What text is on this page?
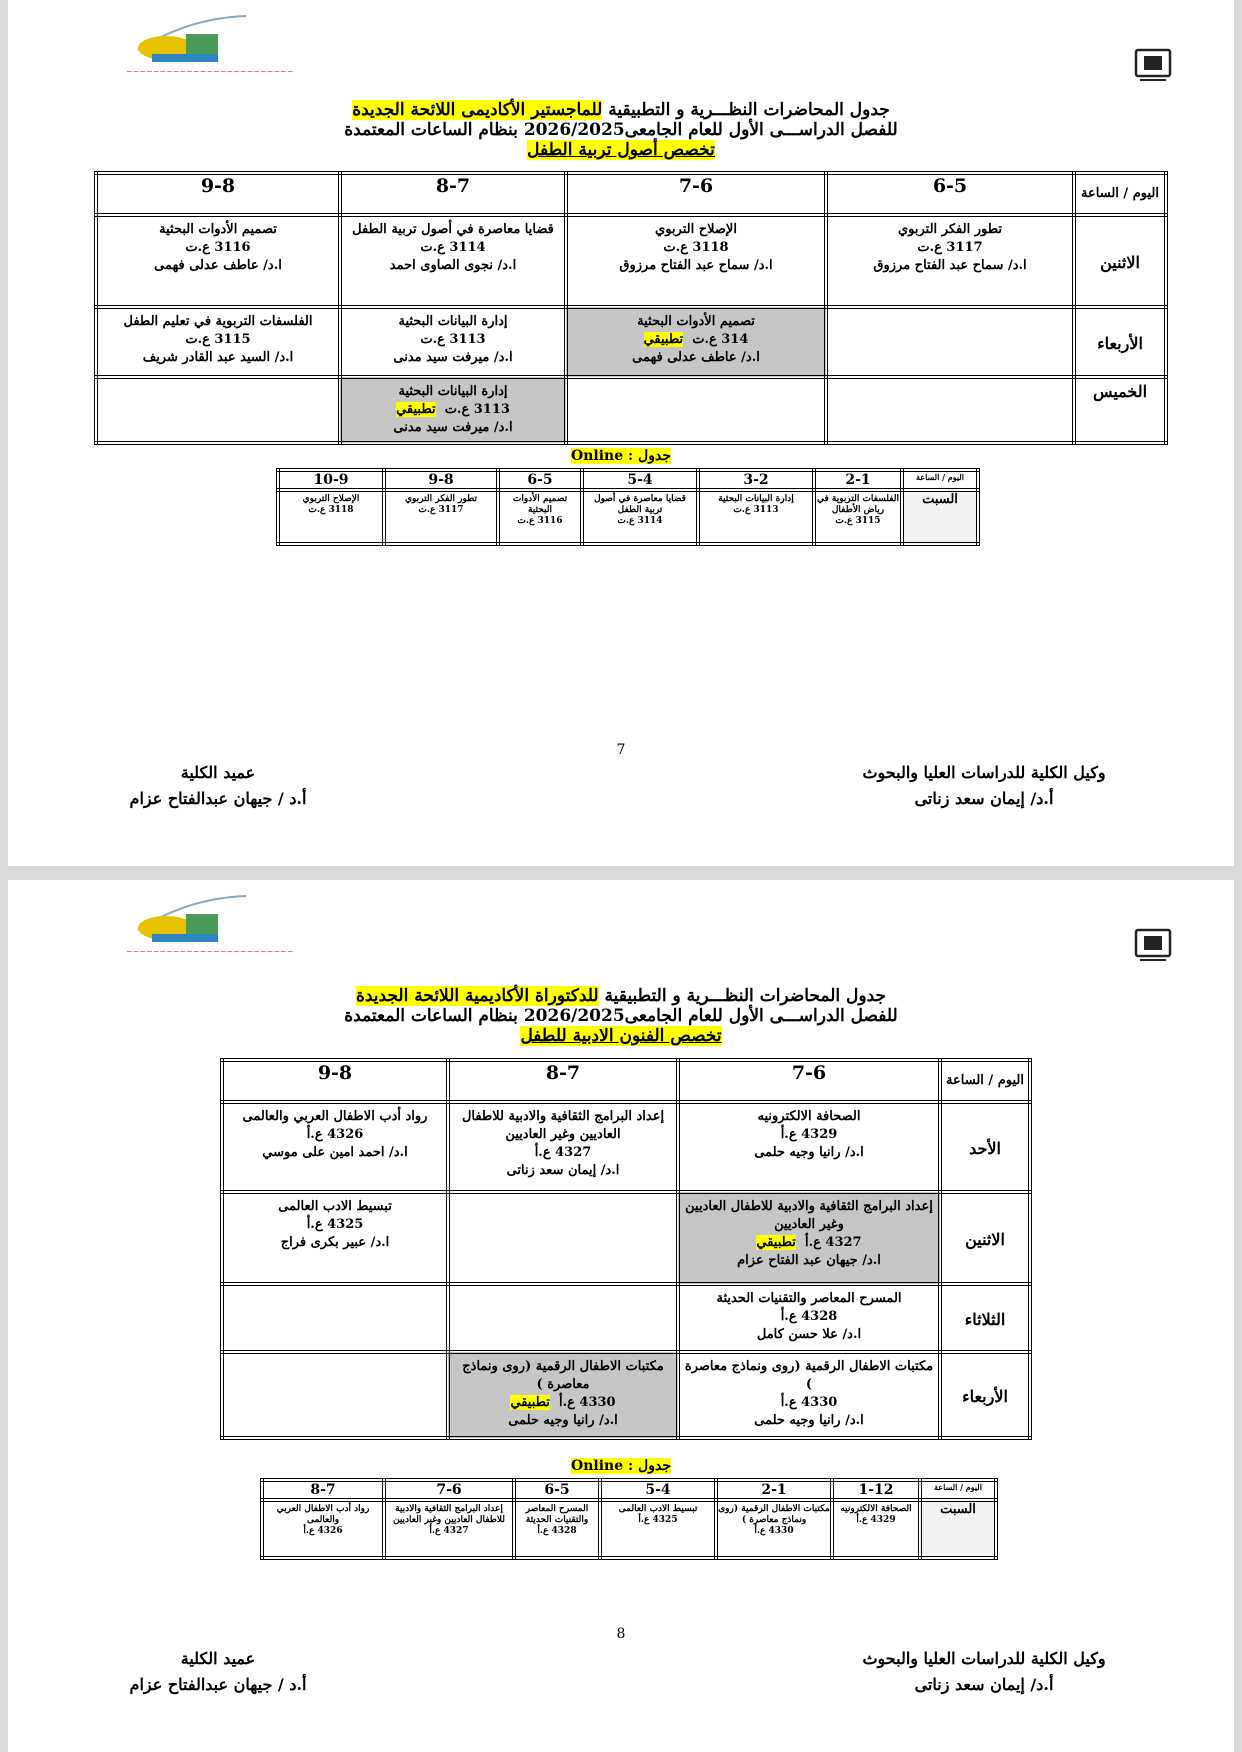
~~~~~~~~~~~~~~~~~~~~~~~~~
جدول المحاضرات النظـــرية و التطبيقية للماجستير الأكاديمى اللائحة الجديدة
للفصل الدراســـى الأول للعام الجامعى2026/2025 بنظام الساعات المعتمدة
تخصص أصول تربية الطفل
اليوم / الساعة	6-5	7-6	8-7	9-8
الاثنين	تطور الفكر التربوي
3117 ع.ت
ا.د/ سماح عبد الفتاح مرزوق	الإصلاح التربوي
3118 ع.ت
ا.د/ سماح عبد الفتاح مرزوق	قضايا معاصرة في أصول تربية الطفل
3114 ع.ت
ا.د/ نجوى الصاوى احمد	تصميم الأدوات البحثية
3116 ع.ت
ا.د/ عاطف عدلى فهمى

الأربعاء		تصميم الأدوات البحثية
314 ع.ت  تطبيقي
ا.د/ عاطف عدلى فهمى	إدارة البيانات البحثية
3113 ع.ت
ا.د/ ميرفت سيد مدنى	الفلسفات التربوية في تعليم الطفل
3115 ع.ت
ا.د/ السيد عبد القادر شريف

الخميس			إدارة البيانات البحثية
3113 ع.ت  تطبيقي
ا.د/ ميرفت سيد مدنى	

جدول : Online
اليوم / الساعة	2-1	3-2	5-4	6-5	9-8	10-9
السبت	الفلسفات التربوية في رياض الأطفال
3115 ع.ت	إدارة البيانات البحثية
3113 ع.ت	قضايا معاصرة في أصول تربية الطفل
3114 ع.ت	تصميم الأدوات البحثية
3116 ع.ت	تطور الفكر التربوي
3117 ع.ت	الإصلاح التربوي
3118 ع.ت
7
وكيل الكلية للدراسات العليا والبحوث
أ.د/ إيمان سعد زناتى
عميد الكلية
أ.د / جيهان عبدالفتاح عزام
~~~~~~~~~~~~~~~~~~~~~~~~~
جدول المحاضرات النظـــرية و التطبيقية للدكتوراة الأكاديمية اللائحة الجديدة
للفصل الدراســـى الأول للعام الجامعى2026/2025 بنظام الساعات المعتمدة
تخصص الفنون الادبية للطفل
اليوم / الساعة	7-6	8-7	9-8
الأحد	الصحافة الالكترونيه
4329 ع.أ
ا.د/ رانيا وجيه حلمى	إعداد البرامج الثقافية والادبية للاطفال العاديين وغير العاديين
4327 ع.أ
ا.د/ إيمان سعد زناتى	رواد أدب الاطفال العربي والعالمى
4326 ع.أ
ا.د/ احمد امين على موسي

الاثنين	إعداد البرامج الثقافية والادبية للاطفال العاديين وغير العاديين
4327 ع.أ  تطبيقي
ا.د/ جيهان عبد الفتاح عزام		تبسيط الادب العالمى
4325 ع.أ
ا.د/ عبير بكرى فراج

الثلاثاء	المسرح المعاصر والتقنيات الحديثة
4328 ع.أ
ا.د/ علا حسن كامل		

الأربعاء	مكتبات الاطفال الرقمية (روى ونماذج معاصرة )
4330 ع.أ
ا.د/ رانيا وجيه حلمى	مكتبات الاطفال الرقمية (روى ونماذج معاصرة )
4330 ع.أ  تطبيقي
ا.د/ رانيا وجيه حلمى	

جدول : Online
اليوم / الساعة	1-12	2-1	5-4	6-5	7-6	8-7
السبت	الصحافة الالكترونيه
4329 ع.أ	مكتبات الاطفال الرقمية (روى ونماذج معاصرة )
4330 ع.أ	تبسيط الادب العالمى
4325 ع.أ	المسرح المعاصر والتقنيات الحديثة
4328 ع.أ	إعداد البرامج الثقافية والادبية للاطفال العاديين وغير العاديين
4327 ع.أ	رواد أدب الاطفال العربي والعالمى
4326 ع.أ
8
وكيل الكلية للدراسات العليا والبحوث
أ.د/ إيمان سعد زناتى
عميد الكلية
أ.د / جيهان عبدالفتاح عزام
